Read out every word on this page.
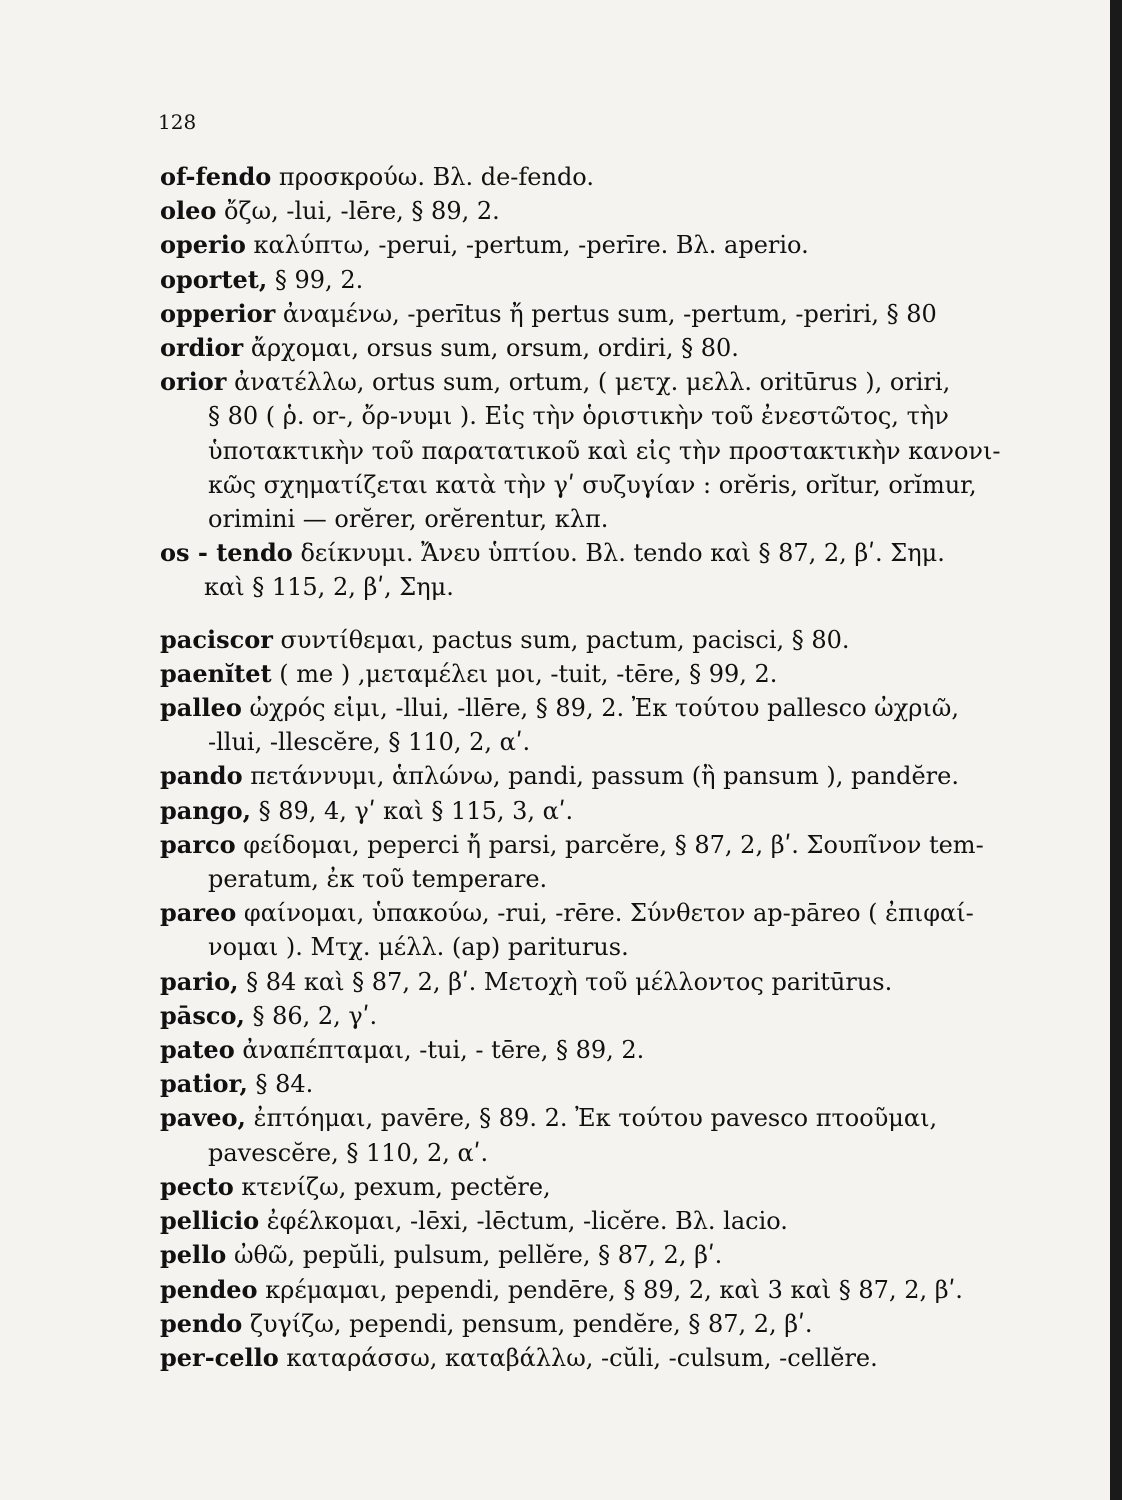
128

of-fendo προσκρούω. Βλ. de-fendo.

oleo ὄζω, -lui, -lēre, § 89, 2.

operio καλύπτω, -perui, -pertum, -perīre. Βλ. aperio.

oportet, § 99, 2.

opperior ἀναμένω, -perītus ἤ pertus sum, -pertum, -periri, § 80

ordior ἄρχομαι, orsus sum, orsum, ordiri, § 80.

orior ἀνατέλλω, ortus sum, ortum, ( μετχ. μελλ. oritūrus ), oriri,
§ 80 ( ῥ. or-, ὄρ-νυμι ). Εἰς τὴν ὁριστικὴν τοῦ ἐνεστῶτος, τὴν
ὑποτακτικὴν τοῦ παρατατικοῦ καὶ εἰς τὴν προστακτικὴν κανονι-
κῶς σχηματίζεται κατὰ τὴν γʹ συζυγίαν : orĕris, orĭtur, orĭmur,
orimini — orĕrer, orĕrentur, κλπ.

os - tendo δείκνυμι. Ἄνευ ὑπτίου. Βλ. tendo καὶ § 87, 2, βʹ. Σημ.
καὶ § 115, 2, βʹ, Σημ.

paciscor συντίθεμαι, pactus sum, pactum, pacisci, § 80.

paenĭtet ( me ) ,μεταμέλει μοι, -tuit, -tēre, § 99, 2.

palleo ὠχρός εἰμι, -llui, -llēre, § 89, 2. Ἐκ τούτου pallesco ὠχριῶ,
-llui, -llescĕre, § 110, 2, αʹ.

pando πετάννυμι, ἁπλώνω, pandi, passum (ἢ pansum ), pandĕre.

pango, § 89, 4, γʹ καὶ § 115, 3, αʹ.

parco φείδομαι, peperci ἤ parsi, parcĕre, § 87, 2, βʹ. Σουπῖνον tem-
peratum, ἐκ τοῦ temperare.

pareo φαίνομαι, ὑπακούω, -rui, -rēre. Σύνθετον ap-pāreo ( ἐπιφαί-
νομαι ). Μτχ. μέλλ. (ap) pariturus.

pario, § 84 καὶ § 87, 2, βʹ. Μετοχὴ τοῦ μέλλοντος paritūrus.

pāsco, § 86, 2, γʹ.

pateo ἀναπέπταμαι, -tui, - tēre, § 89, 2.

patior, § 84.

paveo, ἐπτόημαι, pavēre, § 89. 2. Ἐκ τούτου pavesco πτοοῦμαι,
pavescĕre, § 110, 2, αʹ.

pecto κτενίζω, pexum, pectĕre,

pellicio ἐφέλκομαι, -lēxi, -lēctum, -licĕre. Βλ. lacio.

pello ὠθῶ, pepŭli, pulsum, pellĕre, § 87, 2, βʹ.

pendeo κρέμαμαι, pependi, pendēre, § 89, 2, καὶ 3 καὶ § 87, 2, βʹ.

pendo ζυγίζω, pependi, pensum, pendĕre, § 87, 2, βʹ.

per-cello καταράσσω, καταβάλλω, -cŭli, -culsum, -cellĕre.
